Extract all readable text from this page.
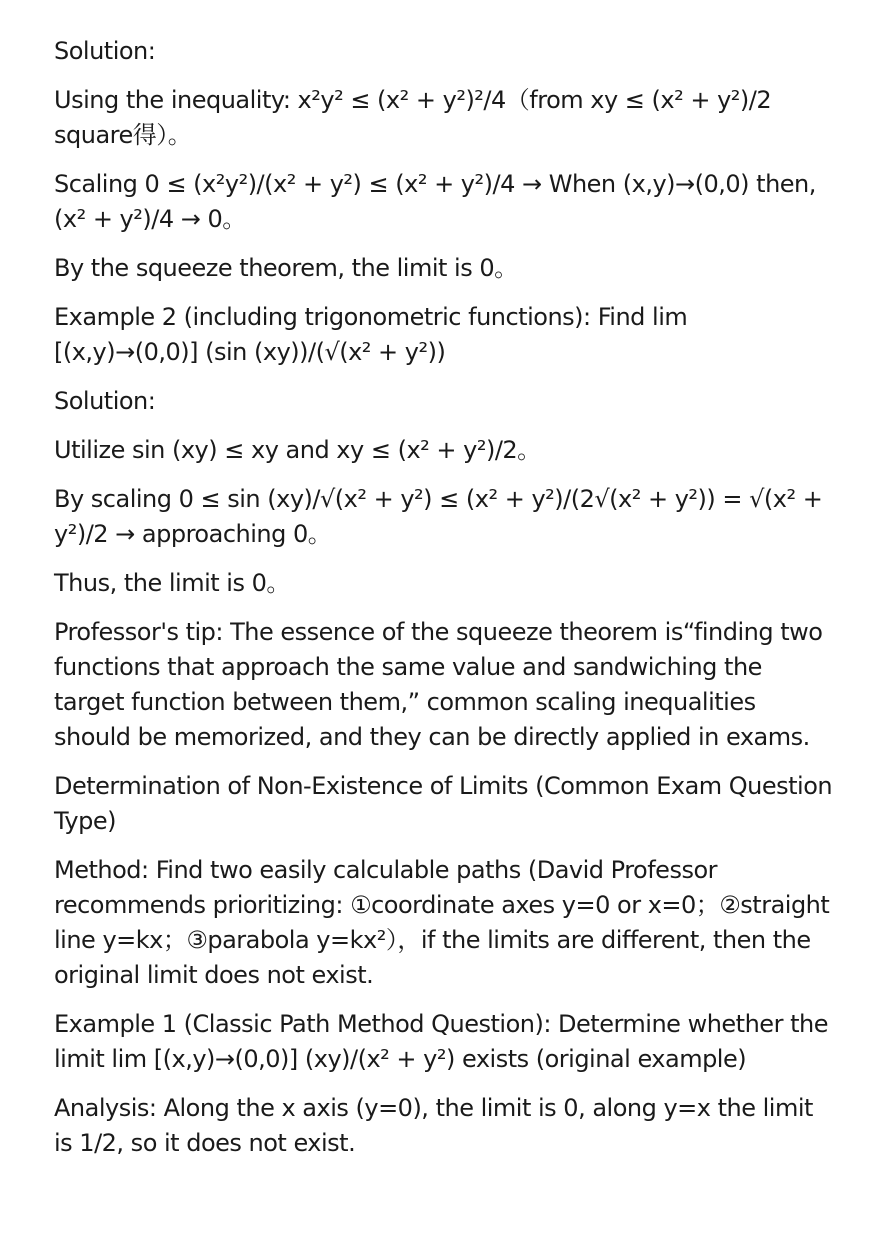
Solution:

Using the inequality: x²y² ≤ (x² + y²)²/4（from xy ≤ (x² + y²)/2 square得）。

Scaling 0 ≤ (x²y²)/(x² + y²) ≤ (x² + y²)/4 → When (x,y)→(0,0) then, (x² + y²)/4 → 0。

By the squeeze theorem, the limit is 0。

Example 2 (including trigonometric functions): Find lim [(x,y)→(0,0)] (sin (xy))/(√(x² + y²))

Solution:

Utilize sin (xy) ≤ xy and xy ≤ (x² + y²)/2。

By scaling 0 ≤ sin (xy)/√(x² + y²) ≤ (x² + y²)/(2√(x² + y²)) = √(x² + y²)/2 → approaching 0。

Thus, the limit is 0。

Professor's tip: The essence of the squeeze theorem is“finding two functions that approach the same value and sandwiching the target function between them,” common scaling inequalities should be memorized, and they can be directly applied in exams.

Determination of Non-Existence of Limits (Common Exam Question Type)

Method: Find two easily calculable paths (David Professor recommends prioritizing: ①coordinate axes y=0 or x=0；②straight line y=kx；③parabola y=kx²），if the limits are different, then the original limit does not exist.

Example 1 (Classic Path Method Question): Determine whether the limit lim [(x,y)→(0,0)] (xy)/(x² + y²) exists (original example)

Analysis: Along the x axis (y=0), the limit is 0, along y=x the limit is 1/2, so it does not exist.
